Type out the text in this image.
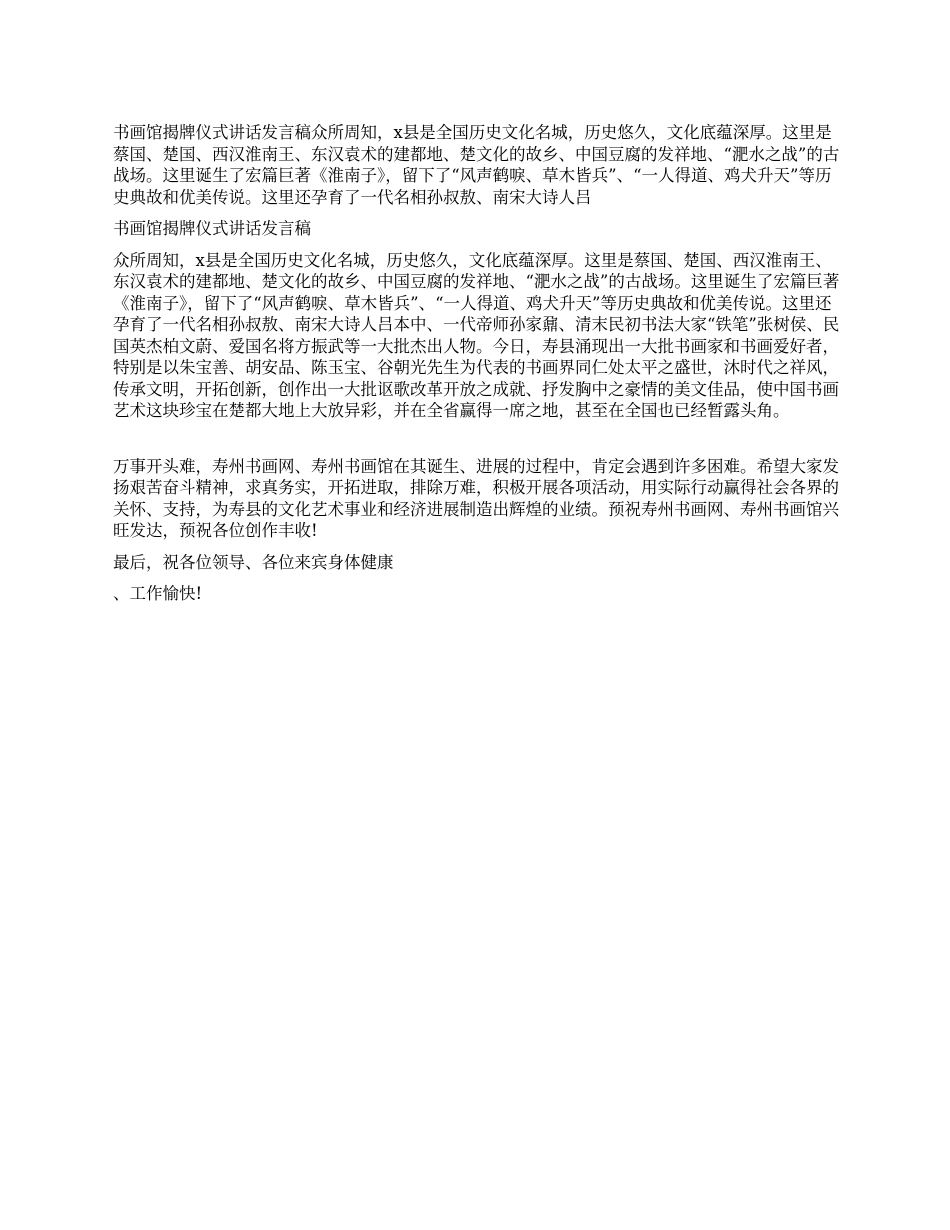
书画馆揭牌仪式讲话发言稿众所周知，x县是全国历史文化名城，历史悠久，文化底蕴深厚。这里是蔡国、楚国、西汉淮南王、东汉袁术的建都地、楚文化的故乡、中国豆腐的发祥地、“淝水之战”的古战场。这里诞生了宏篇巨著《淮南子》，留下了“风声鹤唳、草木皆兵”、“一人得道、鸡犬升天”等历史典故和优美传说。这里还孕育了一代名相孙叔敖、南宋大诗人吕

书画馆揭牌仪式讲话发言稿

众所周知，x县是全国历史文化名城，历史悠久，文化底蕴深厚。这里是蔡国、楚国、西汉淮南王、东汉袁术的建都地、楚文化的故乡、中国豆腐的发祥地、“淝水之战”的古战场。这里诞生了宏篇巨著《淮南子》，留下了“风声鹤唳、草木皆兵”、“一人得道、鸡犬升天”等历史典故和优美传说。这里还孕育了一代名相孙叔敖、南宋大诗人吕本中、一代帝师孙家鼐、清末民初书法大家“铁笔”张树侯、民国英杰柏文蔚、爱国名将方振武等一大批杰出人物。今日，寿县涌现出一大批书画家和书画爱好者，特别是以朱宝善、胡安品、陈玉宝、谷朝光先生为代表的书画界同仁处太平之盛世，沐时代之祥风，传承文明，开拓创新，创作出一大批讴歌改革开放之成就、抒发胸中之豪情的美文佳品，使中国书画艺术这块珍宝在楚都大地上大放异彩，并在全省赢得一席之地，甚至在全国也已经暂露头角。

万事开头难，寿州书画网、寿州书画馆在其诞生、进展的过程中，肯定会遇到许多困难。希望大家发扬艰苦奋斗精神，求真务实，开拓进取，排除万难，积极开展各项活动，用实际行动赢得社会各界的关怀、支持，为寿县的文化艺术事业和经济进展制造出辉煌的业绩。预祝寿州书画网、寿州书画馆兴旺发达，预祝各位创作丰收!

最后，祝各位领导、各位来宾身体健康

、工作愉快!
